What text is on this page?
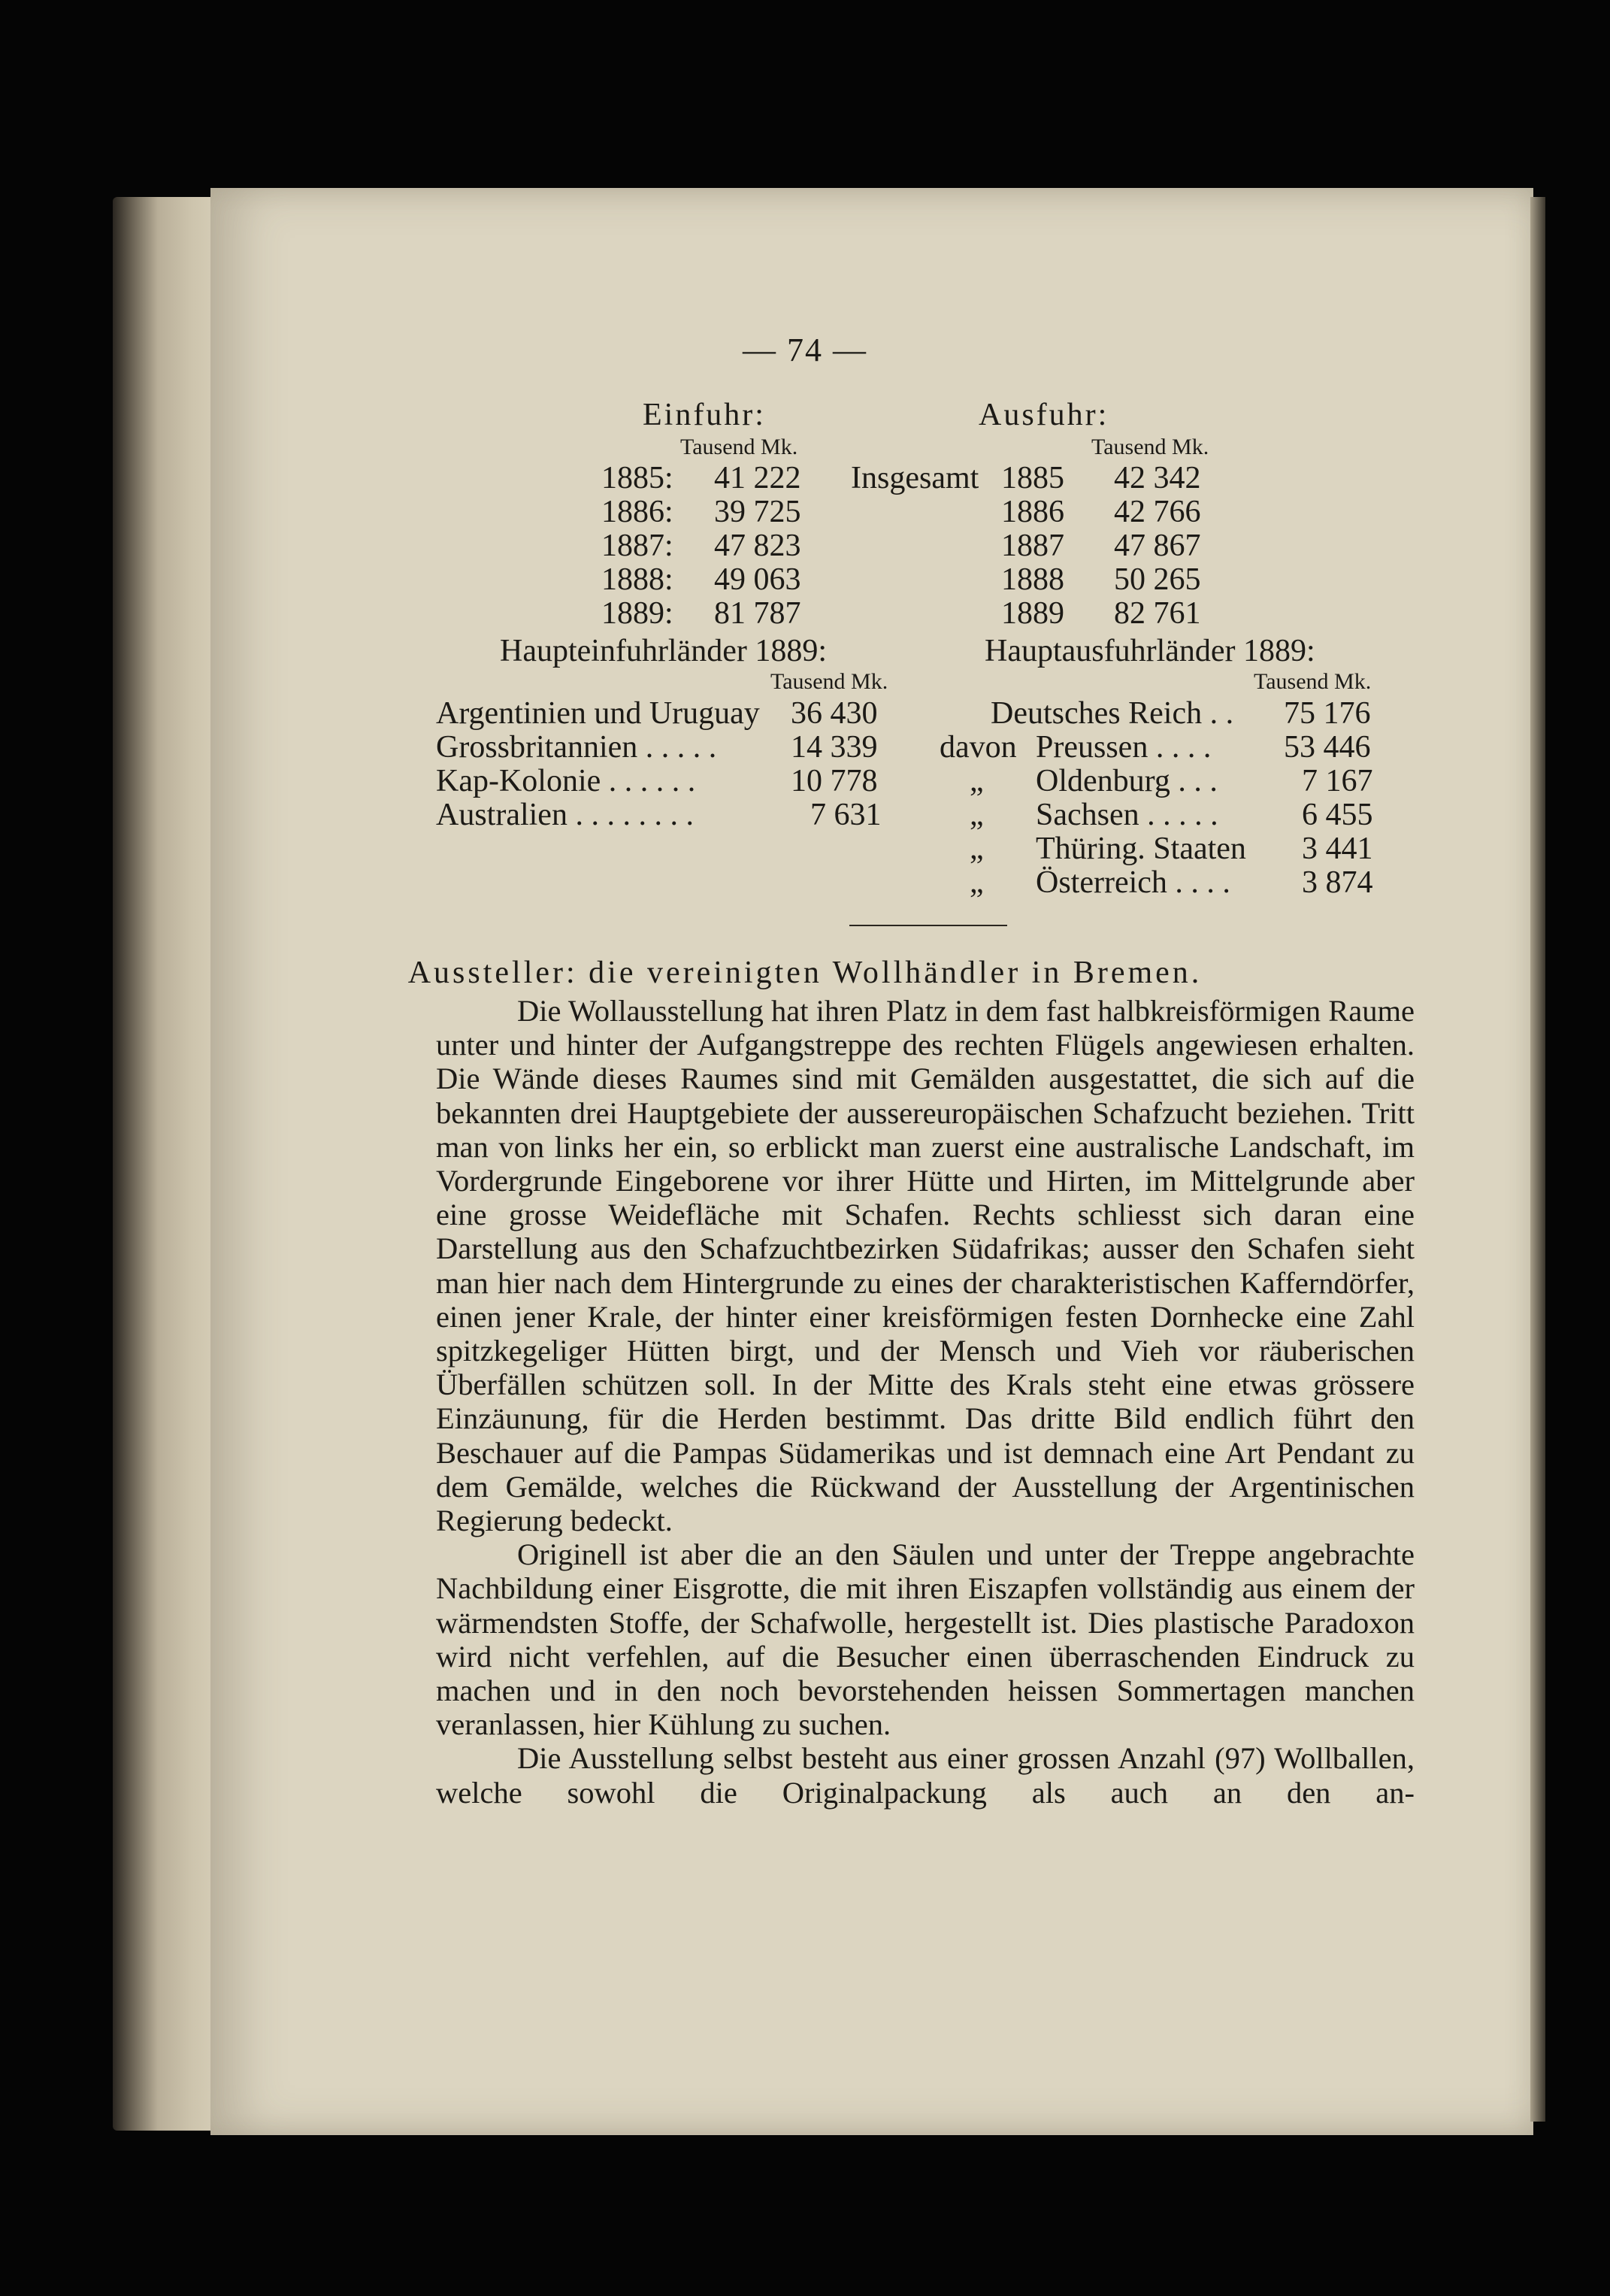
— 74 —
Einfuhr:
Tausend Mk.
1885: 41 222
1886: 39 725
1887: 47 823
1888: 49 063
1889: 81 787
Ausfuhr:
Tausend Mk.
Insgesamt 1885 42 342
1886 42 766
1887 47 867
1888 50 265
1889 82 761
Haupteinfuhrländer 1889:
Tausend Mk.
Argentinien und Uruguay 36 430
Grossbritannien . . . . . 14 339
Kap-Kolonie . . . . . .	10 778
Australien . . . . . . . .	7 631
Hauptausfuhrländer 1889:
Tausend Mk.
Deutsches Reich . . 75 176
davon Preussen . . . . 53 446
„ Oldenburg . . .	7 167
„ Sachsen . . . . .	6 455
„ Thüring. Staaten 3 441
„ Österreich . . . . 3 874
Aussteller: die vereinigten Wollhändler in Bremen.

Die Wollausstellung hat ihren Platz in dem fast halbkreisförmigen Raume unter und hinter der Aufgangstreppe des rechten Flügels angewiesen erhalten. Die Wände dieses Raumes sind mit Gemälden ausgestattet, die sich auf die bekannten drei Hauptgebiete der aussereuropäischen Schafzucht beziehen. Tritt man von links her ein, so erblickt man zuerst eine australische Landschaft, im Vordergrunde Eingeborene vor ihrer Hütte und Hirten, im Mittelgrunde aber eine grosse Weidefläche mit Schafen. Rechts schliesst sich daran eine Darstellung aus den Schafzuchtbezirken Südafrikas; ausser den Schafen sieht man hier nach dem Hintergrunde zu eines der charakteristischen Kafferndörfer, einen jener Krale, der hinter einer kreisförmigen festen Dornhecke eine Zahl spitzkegeliger Hütten birgt, und der Mensch und Vieh vor räuberischen Überfällen schützen soll. In der Mitte des Krals steht eine etwas grössere Einzäunung, für die Herden bestimmt. Das dritte Bild endlich führt den Beschauer auf die Pampas Südamerikas und ist demnach eine Art Pendant zu dem Gemälde, welches die Rückwand der Ausstellung der Argentinischen Regierung bedeckt.

Originell ist aber die an den Säulen und unter der Treppe angebrachte Nachbildung einer Eisgrotte, die mit ihren Eiszapfen vollständig aus einem der wärmendsten Stoffe, der Schafwolle, hergestellt ist. Dies plastische Paradoxon wird nicht verfehlen, auf die Besucher einen überraschenden Eindruck zu machen und in den noch bevorstehenden heissen Sommertagen manchen veranlassen, hier Kühlung zu suchen.

Die Ausstellung selbst besteht aus einer grossen Anzahl (97) Wollballen, welche sowohl die Originalpackung als auch an den an-
